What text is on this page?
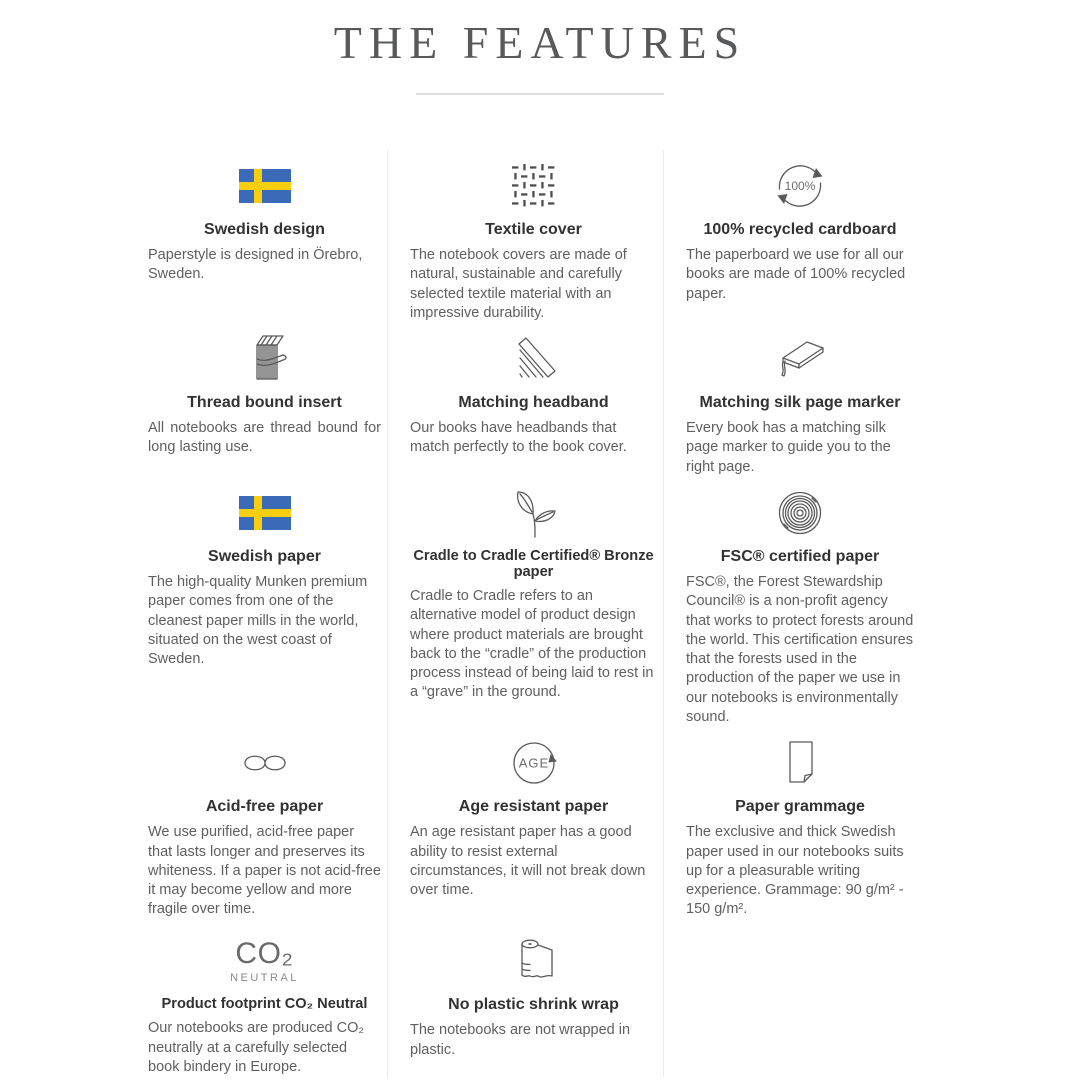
THE FEATURES
Swedish design
Paperstyle is designed in Örebro, Sweden.
Textile cover
The notebook covers are made of natural, sustainable and carefully selected textile material with an impressive durability.
100%
100% recycled cardboard
The paperboard we use for all our books are made of 100% recycled paper.
Thread bound insert
All notebooks are thread bound for long lasting use.
Matching headband
Our books have headbands that match perfectly to the book cover.
Matching silk page marker
Every book has a matching silk page marker to guide you to the right page.
Swedish paper
The high-quality Munken premium paper comes from one of the cleanest paper mills in the world, situated on the west coast of Sweden.
Cradle to Cradle Certified® Bronze paper
Cradle to Cradle refers to an alternative model of product design where product materials are brought back to the “cradle” of the production process instead of being laid to rest in a “grave” in the ground.
FSC® certified paper
FSC®, the Forest Stewardship Council® is a non-profit agency that works to protect forests around the world. This certification ensures that the forests used in the production of the paper we use in our notebooks is environmentally sound.
Acid-free paper
We use purified, acid-free paper that lasts longer and preserves its whiteness. If a paper is not acid-free it may become yellow and more fragile over time.
AGE
Age resistant paper
An age resistant paper has a good ability to resist external circumstances, it will not break down over time.
Paper grammage
The exclusive and thick Swedish paper used in our notebooks suits up for a pleasurable writing experience. Grammage: 90 g/m² - 150 g/m².
CO₂
NEUTRAL
Product footprint CO₂ Neutral
Our notebooks are produced CO₂ neutrally at a carefully selected book bindery in Europe.
No plastic shrink wrap
The notebooks are not wrapped in plastic.
